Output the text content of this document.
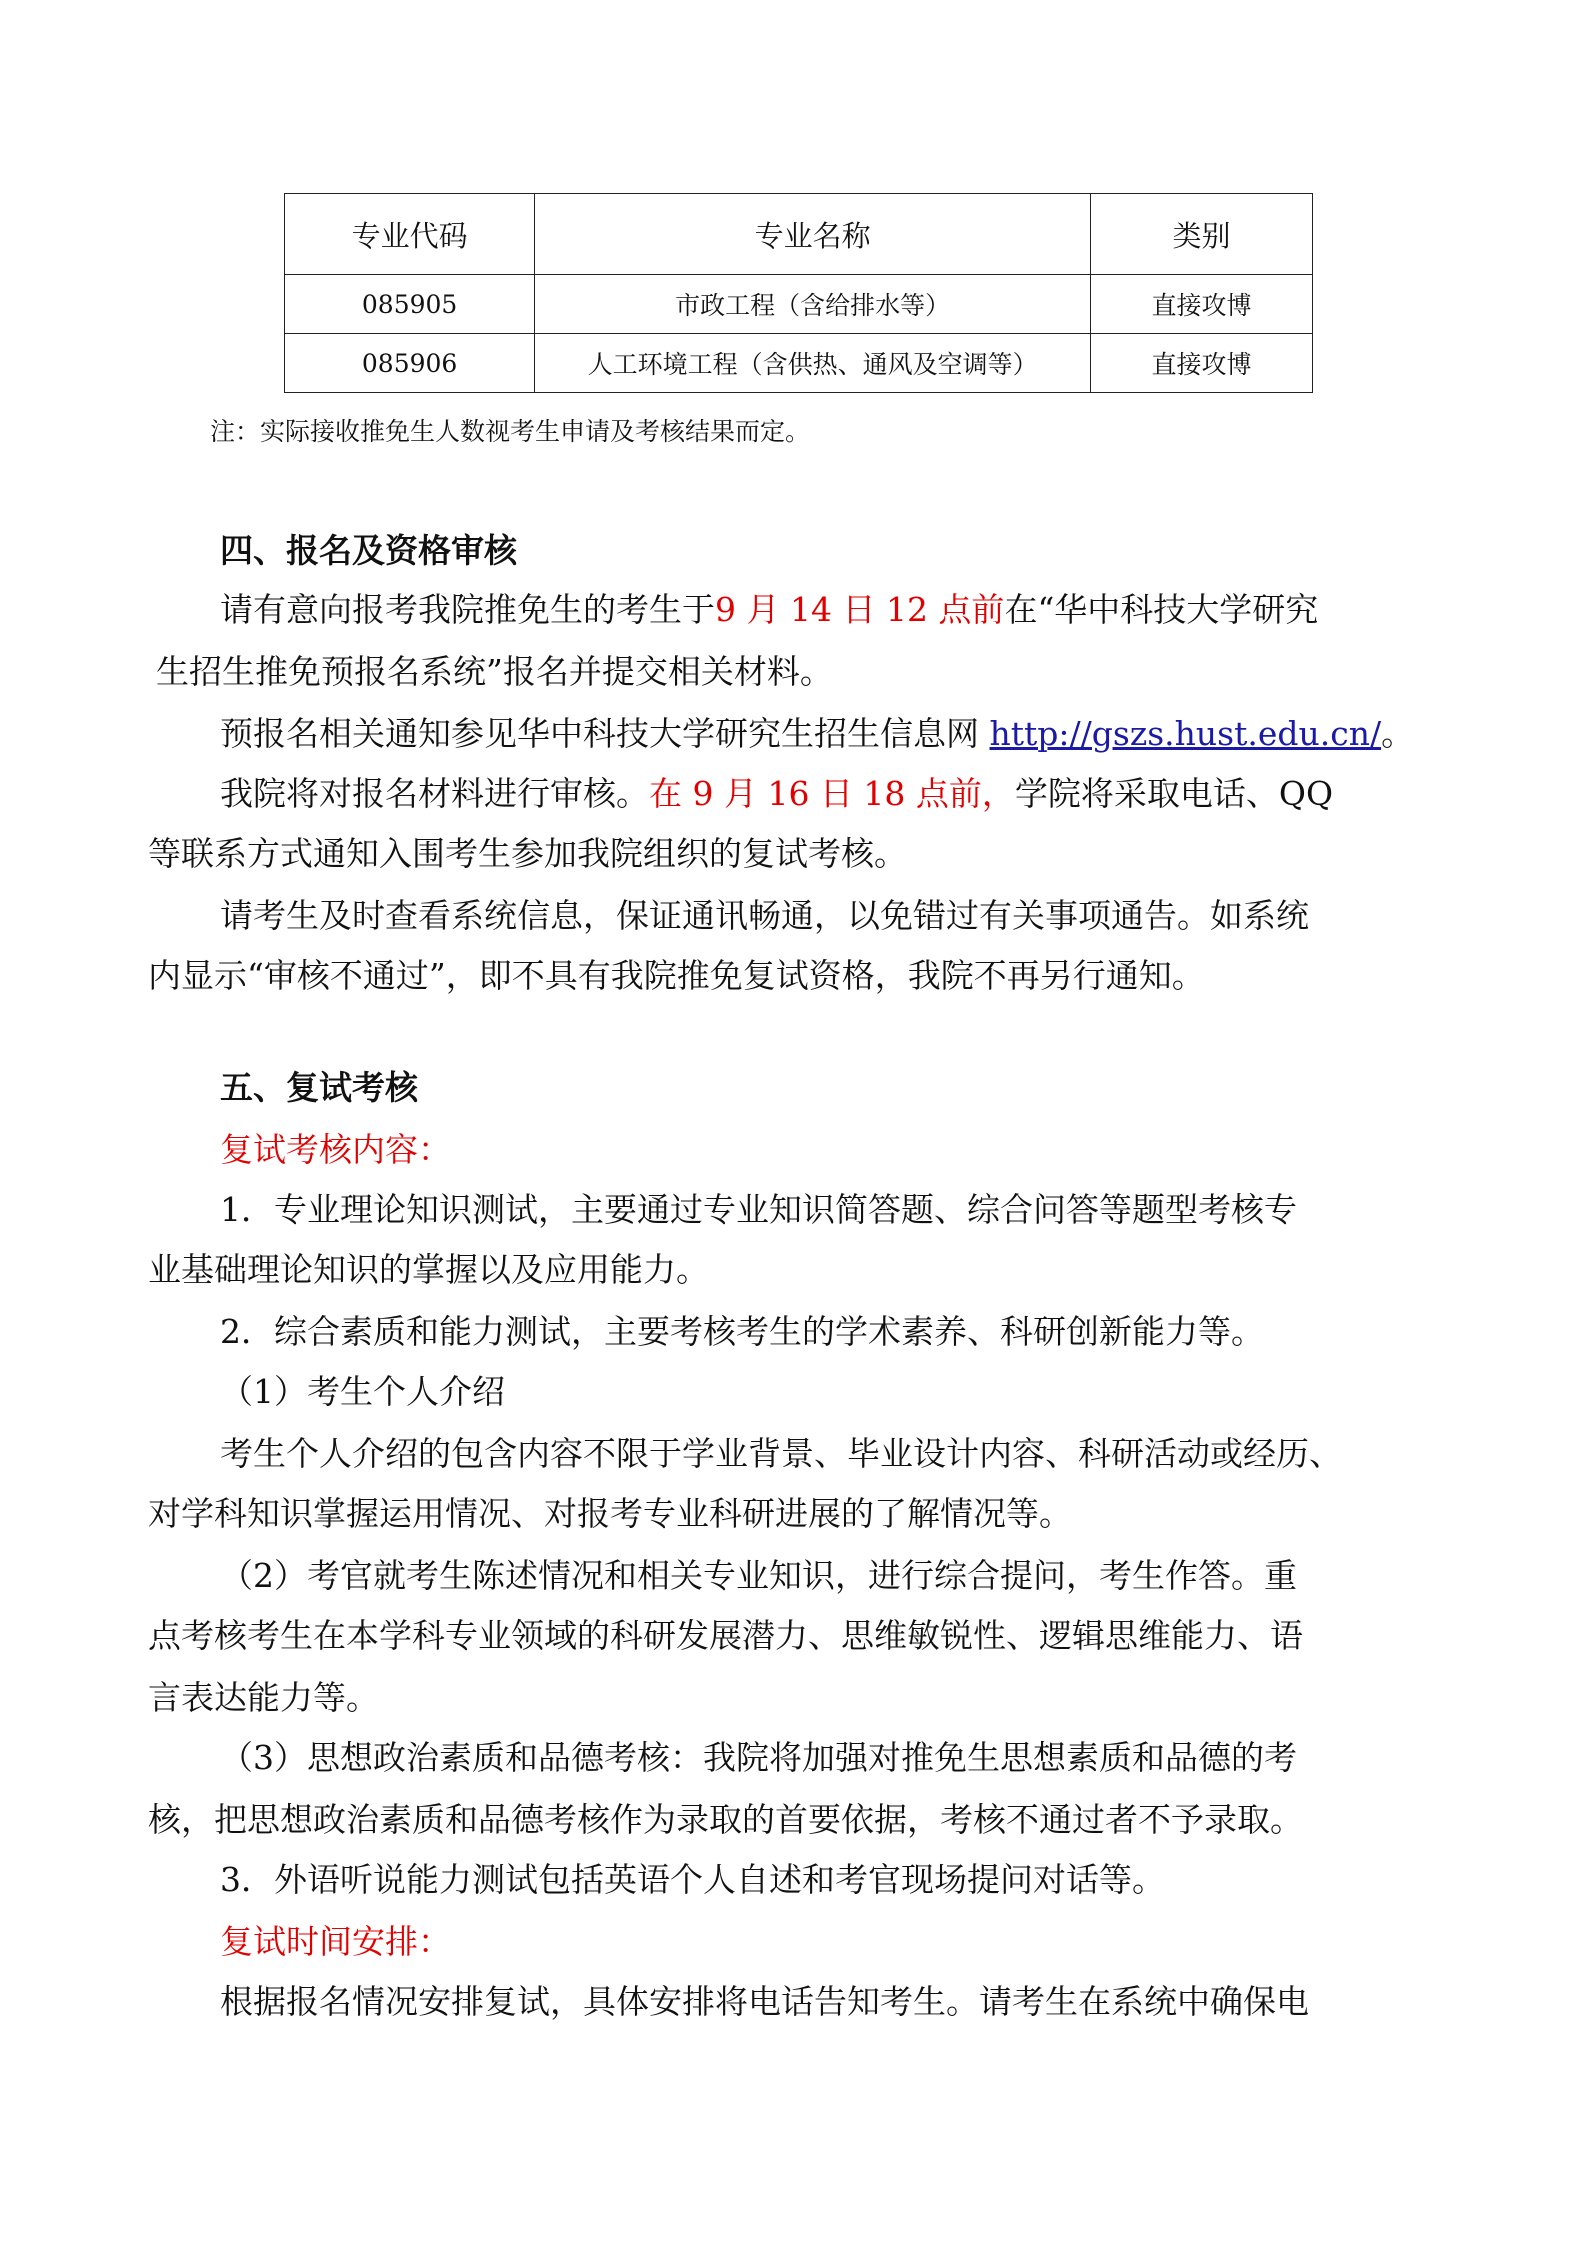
专业代码	专业名称	类别
085905	市政工程（含给排水等）	直接攻博
085906	人工环境工程（含供热、通风及空调等）	直接攻博
注：实际接收推免生人数视考生申请及考核结果而定。
四、报名及资格审核
请有意向报考我院推免生的考生于9 月 14 日 12 点前在“华中科技大学研究
生招生推免预报名系统”报名并提交相关材料。
预报名相关通知参见华中科技大学研究生招生信息网 http://gszs.hust.edu.cn/。
我院将对报名材料进行审核。在 9 月 16 日 18 点前，学院将采取电话、QQ
等联系方式通知入围考生参加我院组织的复试考核。
请考生及时查看系统信息，保证通讯畅通，以免错过有关事项通告。如系统
内显示“审核不通过”，即不具有我院推免复试资格，我院不再另行通知。
五、复试考核
复试考核内容：
1．专业理论知识测试，主要通过专业知识简答题、综合问答等题型考核专
业基础理论知识的掌握以及应用能力。
2．综合素质和能力测试，主要考核考生的学术素养、科研创新能力等。
（1）考生个人介绍
考生个人介绍的包含内容不限于学业背景、毕业设计内容、科研活动或经历、
对学科知识掌握运用情况、对报考专业科研进展的了解情况等。
（2）考官就考生陈述情况和相关专业知识，进行综合提问，考生作答。重
点考核考生在本学科专业领域的科研发展潜力、思维敏锐性、逻辑思维能力、语
言表达能力等。
（3）思想政治素质和品德考核：我院将加强对推免生思想素质和品德的考
核，把思想政治素质和品德考核作为录取的首要依据，考核不通过者不予录取。
3．外语听说能力测试包括英语个人自述和考官现场提问对话等。
复试时间安排：
根据报名情况安排复试，具体安排将电话告知考生。请考生在系统中确保电
